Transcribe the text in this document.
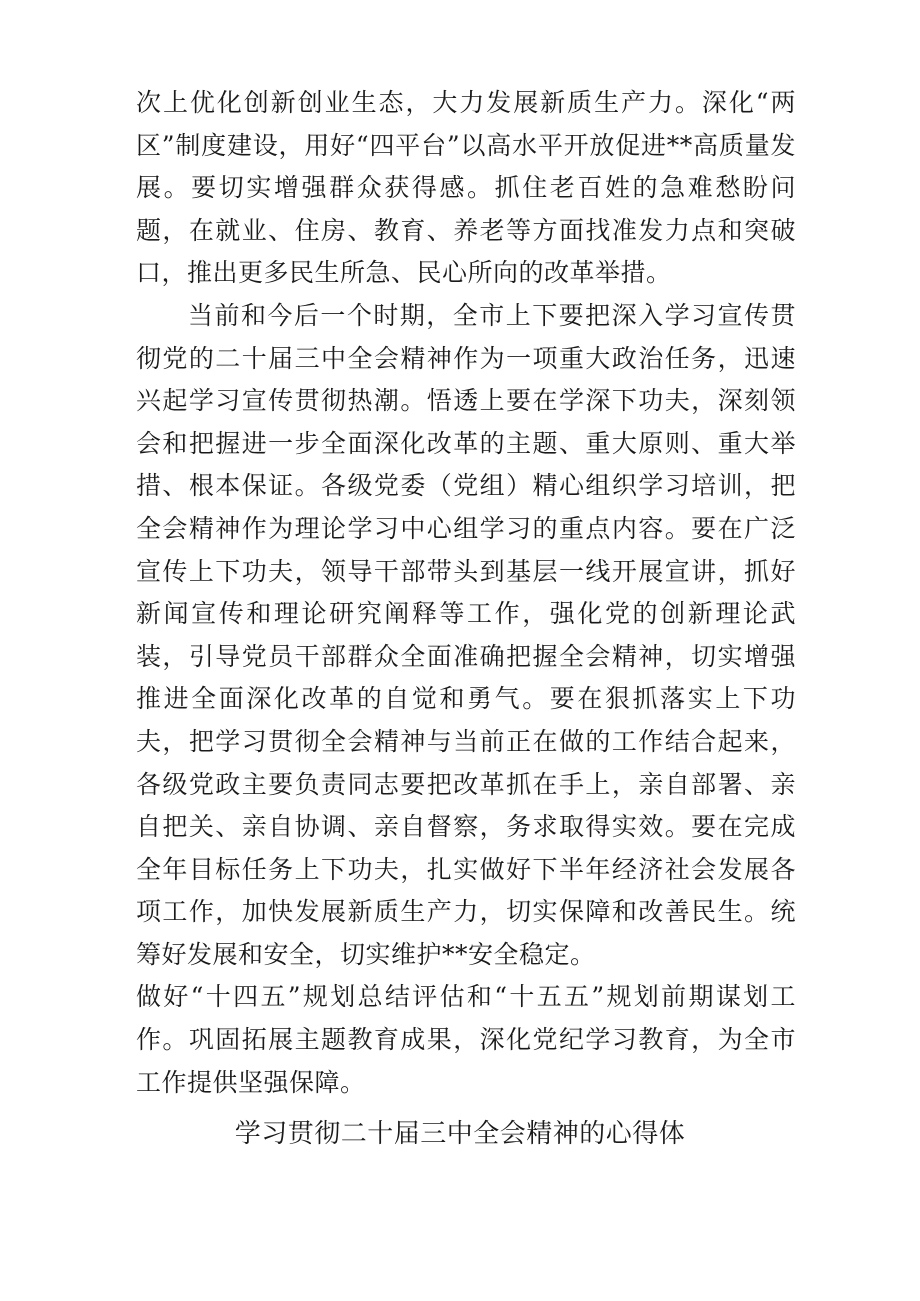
次上优化创新创业生态，大力发展新质生产力。深化“两区”制度建设，用好“四平台”以高水平开放促进**高质量发展。要切实增强群众获得感。抓住老百姓的急难愁盼问题，在就业、住房、教育、养老等方面找准发力点和突破口，推出更多民生所急、民心所向的改革举措。

当前和今后一个时期，全市上下要把深入学习宣传贯彻党的二十届三中全会精神作为一项重大政治任务，迅速兴起学习宣传贯彻热潮。悟透上要在学深下功夫，深刻领会和把握进一步全面深化改革的主题、重大原则、重大举措、根本保证。各级党委（党组）精心组织学习培训，把全会精神作为理论学习中心组学习的重点内容。要在广泛宣传上下功夫，领导干部带头到基层一线开展宣讲，抓好新闻宣传和理论研究阐释等工作，强化党的创新理论武装，引导党员干部群众全面准确把握全会精神，切实增强推进全面深化改革的自觉和勇气。要在狠抓落实上下功夫，把学习贯彻全会精神与当前正在做的工作结合起来，各级党政主要负责同志要把改革抓在手上，亲自部署、亲自把关、亲自协调、亲自督察，务求取得实效。要在完成全年目标任务上下功夫，扎实做好下半年经济社会发展各项工作，加快发展新质生产力，切实保障和改善民生。统筹好发展和安全，切实维护**安全稳定。

做好“十四五”规划总结评估和“十五五”规划前期谋划工作。巩固拓展主题教育成果，深化党纪学习教育，为全市工作提供坚强保障。

学习贯彻二十届三中全会精神的心得体
